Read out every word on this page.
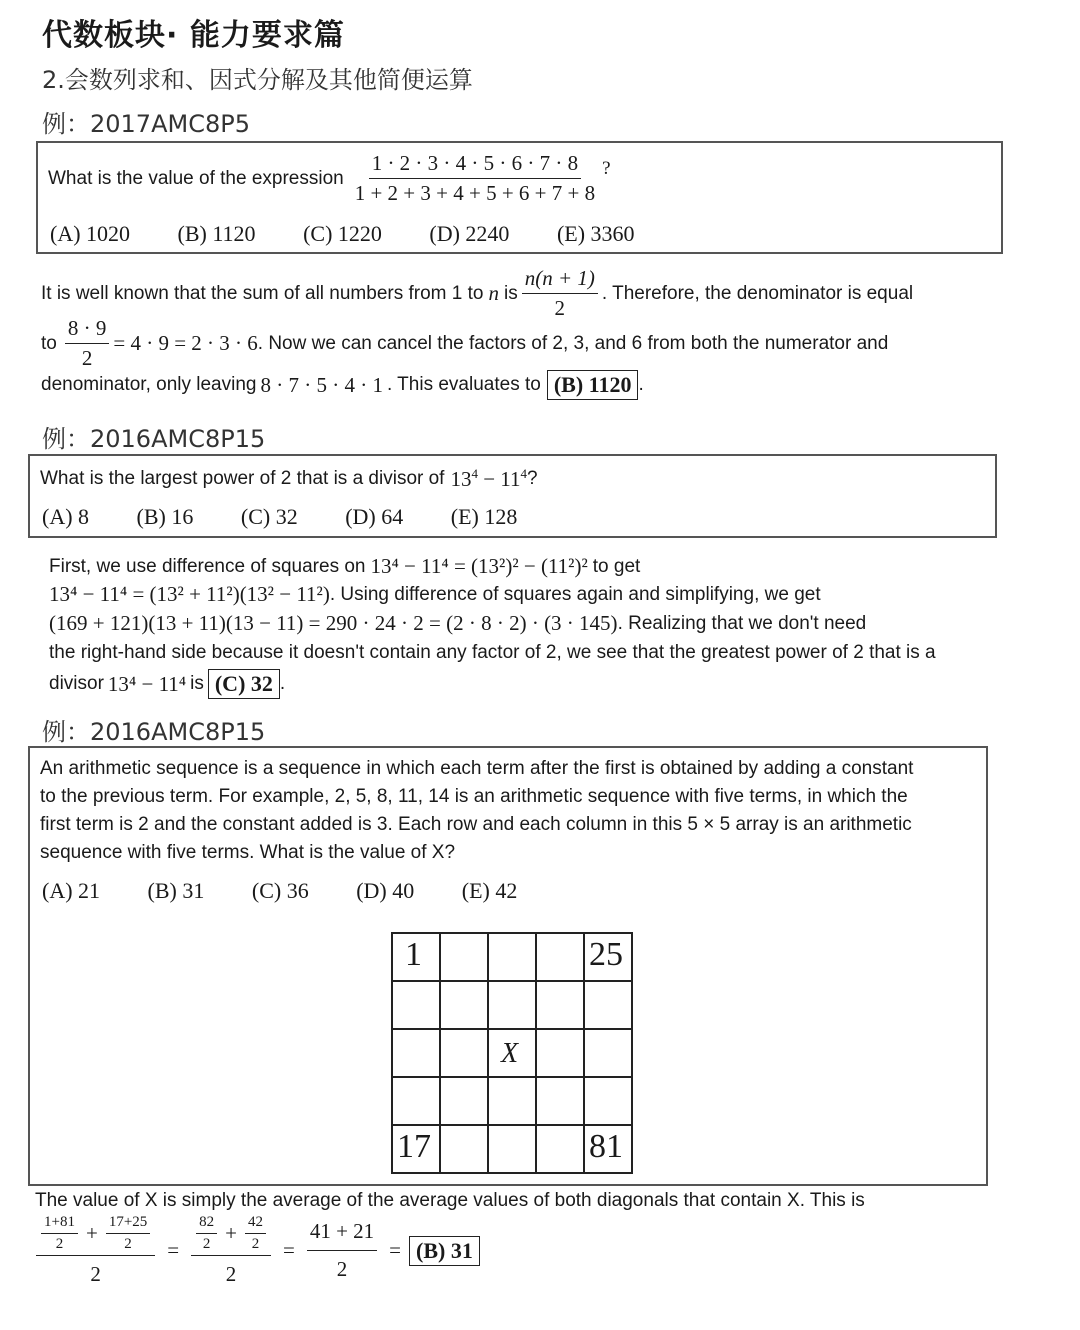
代数板块· 能力要求篇
2.会数列求和、因式分解及其他简便运算
例：2017AMC8P5
What is the value of the expression $\frac{1 \cdot 2 \cdot 3 \cdot 4 \cdot 5 \cdot 6 \cdot 7 \cdot 8}{1 + 2 + 3 + 4 + 5 + 6 + 7 + 8}$ ?
(A) 1020 (B) 1120 (C) 1220 (D) 2240 (E) 3360
It is well known that the sum of all numbers from 1 to n is $\frac{n(n + 1)}{2}$ . Therefore, the denominator is equal
to $\frac{8 \cdot 9}{2} = 4 \cdot 9 = 2 \cdot 3 \cdot 6$ . Now we can cancel the factors of 2, 3, and 6 from both the numerator and
denominator, only leaving 8 · 7 · 5 · 4 · 1 . This evaluates to (B) 1120 .
例：2016AMC8P15
What is the largest power of 2 that is a divisor of $13^4 - 11^4$ ?
(A) 8 (B) 16 (C) 32 (D) 64 (E) 128
First, we use difference of squares on 13⁴ − 11⁴ = (13²)² − (11²)² to get
13⁴ − 11⁴ = (13² + 11²)(13² − 11²) . Using difference of squares again and simplifying, we get
(169 + 121)(13 + 11)(13 − 11) = 290 · 24 · 2 = (2 · 8 · 2) · (3 · 145) . Realizing that we don't need
the right-hand side because it doesn't contain any factor of 2, we see that the greatest power of 2 that is a
divisor 13⁴ − 11⁴ is (C) 32 .
例：2016AMC8P15
An arithmetic sequence is a sequence in which each term after the first is obtained by adding a constant
to the previous term. For example, 2, 5, 8, 11, 14 is an arithmetic sequence with five terms, in which the
first term is 2 and the constant added is 3. Each row and each column in this 5 × 5 array is an arithmetic
sequence with five terms. What is the value of X?
(A) 21 (B) 31 (C) 36 (D) 40 (E) 42
1	25
X
17	81
The value of X is simply the average of the average values of both diagonals that contain X. This is
$\frac{\frac{1+81}{2} + \frac{17+25}{2}}{2} = \frac{\frac{82}{2} + \frac{42}{2}}{2} = \frac{41 + 21}{2} = (B)$ 31
